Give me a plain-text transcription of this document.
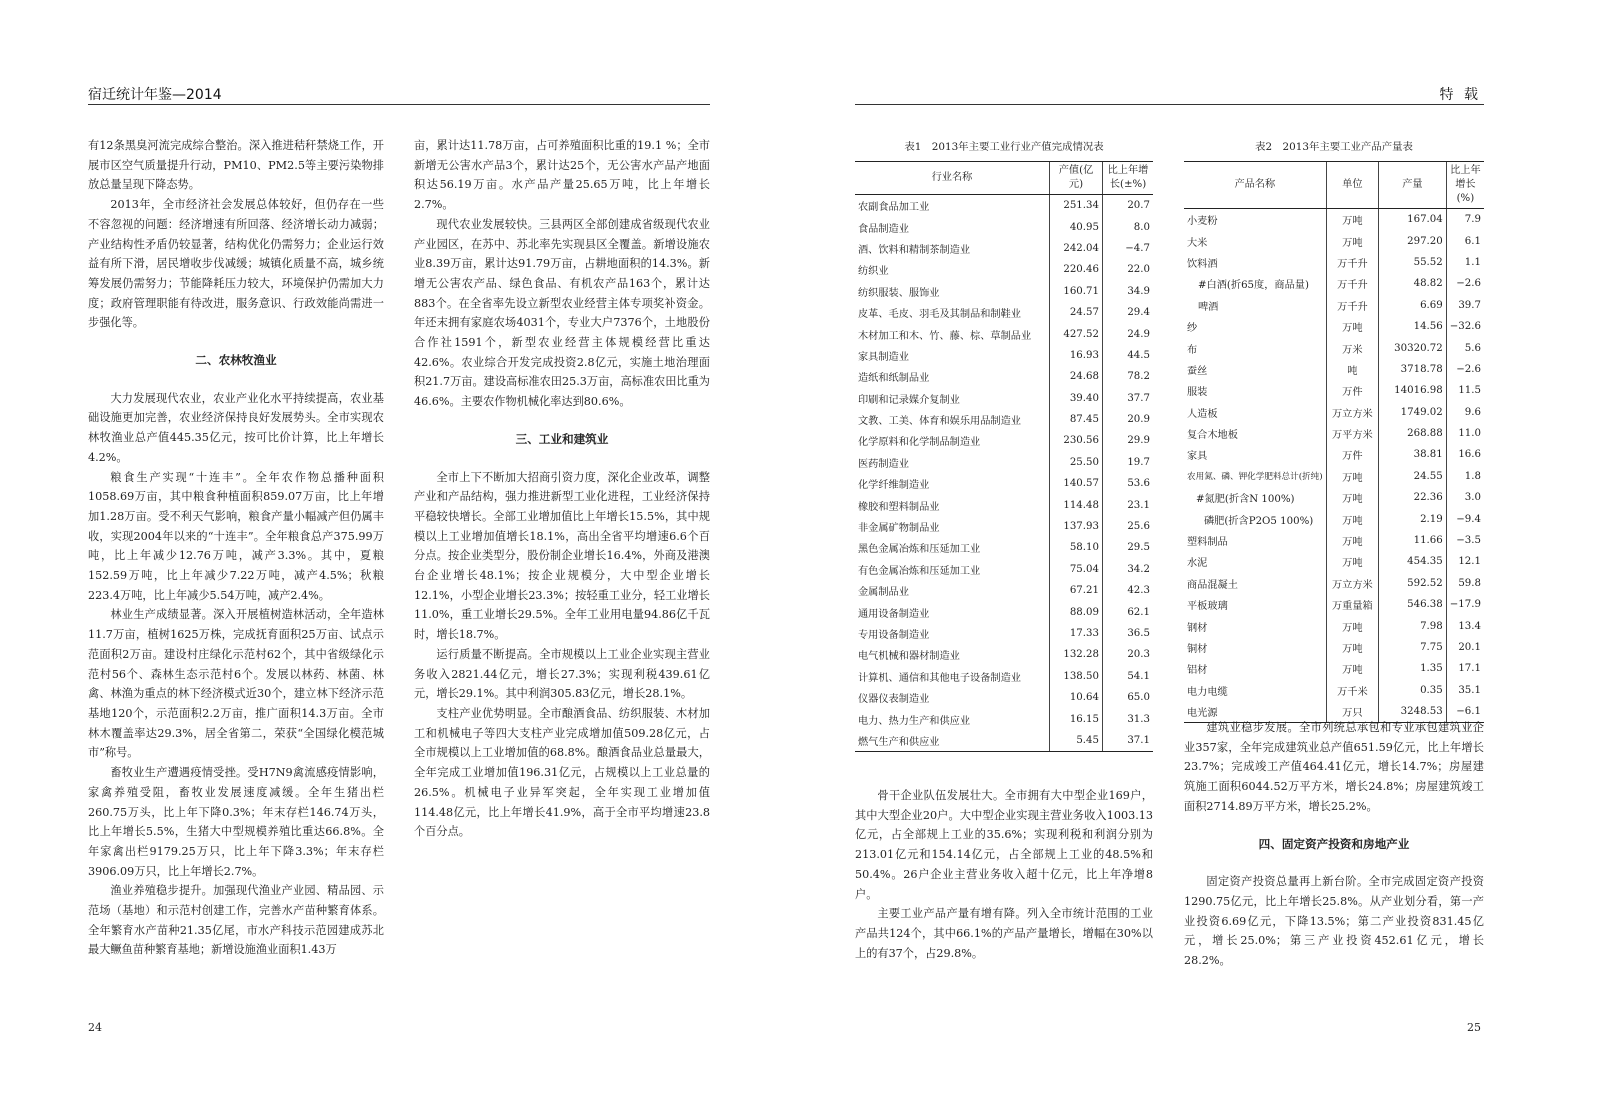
宿迁统计年鉴—2014

有12条黑臭河流完成综合整治。深入推进秸秆禁烧工作，开展市区空气质量提升行动，PM10、PM2.5等主要污染物排放总量呈现下降态势。

2013年，全市经济社会发展总体较好，但仍存在一些不容忽视的问题：经济增速有所回落、经济增长动力减弱；产业结构性矛盾仍较显著，结构优化仍需努力；企业运行效益有所下滑，居民增收步伐减缓；城镇化质量不高，城乡统筹发展仍需努力；节能降耗压力较大，环境保护仍需加大力度；政府管理职能有待改进，服务意识、行政效能尚需进一步强化等。

二、农林牧渔业

大力发展现代农业，农业产业化水平持续提高，农业基础设施更加完善，农业经济保持良好发展势头。全市实现农林牧渔业总产值445.35亿元，按可比价计算，比上年增长4.2%。

粮食生产实现“十连丰”。全年农作物总播种面积1058.69万亩，其中粮食种植面积859.07万亩，比上年增加1.28万亩。受不利天气影响，粮食产量小幅减产但仍属丰收，实现2004年以来的“十连丰”。全年粮食总产375.99万吨，比上年减少12.76万吨，减产3.3%。其中，夏粮152.59万吨，比上年减少7.22万吨，减产4.5%；秋粮223.4万吨，比上年减少5.54万吨，减产2.4%。

林业生产成绩显著。深入开展植树造林活动，全年造林11.7万亩，植树1625万株，完成抚育面积25万亩、试点示范面积2万亩。建设村庄绿化示范村62个，其中省级绿化示范村56个、森林生态示范村6个。发展以林药、林菌、林禽、林渔为重点的林下经济模式近30个，建立林下经济示范基地120个，示范面积2.2万亩，推广面积14.3万亩。全市林木覆盖率达29.3%，居全省第二，荣获“全国绿化模范城市”称号。

畜牧业生产遭遇疫情受挫。受H7N9禽流感疫情影响，家禽养殖受阻，畜牧业发展速度减缓。全年生猪出栏260.75万头，比上年下降0.3%；年末存栏146.74万头，比上年增长5.5%，生猪大中型规模养殖比重达66.8%。全年家禽出栏9179.25万只，比上年下降3.3%；年末存栏3906.09万只，比上年增长2.7%。

渔业养殖稳步提升。加强现代渔业产业园、精品园、示范场（基地）和示范村创建工作，完善水产苗种繁育体系。全年繁育水产苗种21.35亿尾，市水产科技示范园建成苏北最大鳜鱼苗种繁育基地；新增设施渔业面积1.43万

亩，累计达11.78万亩，占可养殖面积比重的19.1 %；全市新增无公害水产品3个，累计达25个，无公害水产品产地面积达56.19万亩。水产品产量25.65万吨，比上年增长2.7%。

现代农业发展较快。三县两区全部创建成省级现代农业产业园区，在苏中、苏北率先实现县区全覆盖。新增设施农业8.39万亩，累计达91.79万亩，占耕地面积的14.3%。新增无公害农产品、绿色食品、有机农产品163个，累计达883个。在全省率先设立新型农业经营主体专项奖补资金。年还末拥有家庭农场4031个，专业大户7376个，土地股份合作社1591个，新型农业经营主体规模经营比重达42.6%。农业综合开发完成投资2.8亿元，实施土地治理面积21.7万亩。建设高标准农田25.3万亩，高标准农田比重为46.6%。主要农作物机械化率达到80.6%。

三、工业和建筑业

全市上下不断加大招商引资力度，深化企业改革，调整产业和产品结构，强力推进新型工业化进程，工业经济保持平稳较快增长。全部工业增加值比上年增长15.5%，其中规模以上工业增加值增长18.1%，高出全省平均增速6.6个百分点。按企业类型分，股份制企业增长16.4%，外商及港澳台企业增长48.1%；按企业规模分，大中型企业增长12.1%，小型企业增长23.3%；按轻重工业分，轻工业增长11.0%，重工业增长29.5%。全年工业用电量94.86亿千瓦时，增长18.7%。

运行质量不断提高。全市规模以上工业企业实现主营业务收入2821.44亿元，增长27.3%；实现利税439.61亿元，增长29.1%。其中利润305.83亿元，增长28.1%。

支柱产业优势明显。全市酿酒食品、纺织服装、木材加工和机械电子等四大支柱产业完成增加值509.28亿元，占全市规模以上工业增加值的68.8%。酿酒食品业总量最大，全年完成工业增加值196.31亿元，占规模以上工业总量的26.5%。机械电子业异军突起，全年实现工业增加值114.48亿元，比上年增长41.9%，高于全市平均增速23.8个百分点。

24
特 载
表1　2013年主要工业行业产值完成情况表
行业名称	产值(亿元)	比上年增长(±%)
农副食品加工业	251.34	20.7
食品制造业	40.95	8.0
酒、饮料和精制茶制造业	242.04	−4.7
纺织业	220.46	22.0
纺织服装、服饰业	160.71	34.9
皮革、毛皮、羽毛及其制品和制鞋业	24.57	29.4
木材加工和木、竹、藤、棕、草制品业	427.52	24.9
家具制造业	16.93	44.5
造纸和纸制品业	24.68	78.2
印刷和记录媒介复制业	39.40	37.7
文教、工美、体育和娱乐用品制造业	87.45	20.9
化学原料和化学制品制造业	230.56	29.9
医药制造业	25.50	19.7
化学纤维制造业	140.57	53.6
橡胶和塑料制品业	114.48	23.1
非金属矿物制品业	137.93	25.6
黑色金属冶炼和压延加工业	58.10	29.5
有色金属冶炼和压延加工业	75.04	34.2
金属制品业	67.21	42.3
通用设备制造业	88.09	62.1
专用设备制造业	17.33	36.5
电气机械和器材制造业	132.28	20.3
计算机、通信和其他电子设备制造业	138.50	54.1
仪器仪表制造业	10.64	65.0
电力、热力生产和供应业	16.15	31.3
燃气生产和供应业	5.45	37.1
表2　2013年主要工业产品产量表
产品名称	单位	产量	比上年增长(%)
小麦粉	万吨	167.04	7.9
大米	万吨	297.20	6.1
饮料酒	万千升	55.52	1.1
#白酒(折65度，商品量)	万千升	48.82	−2.6
啤酒	万千升	6.69	39.7
纱	万吨	14.56	−32.6
布	万米	30320.72	5.6
蚕丝	吨	3718.78	−2.6
服装	万件	14016.98	11.5
人造板	万立方米	1749.02	9.6
复合木地板	万平方米	268.88	11.0
家具	万件	38.81	16.6
农用氮、磷、钾化学肥料总计(折纯)	万吨	24.55	1.8
#氮肥(折含N 100%)	万吨	22.36	3.0
磷肥(折含P2O5 100%)	万吨	2.19	−9.4
塑料制品	万吨	11.66	−3.5
水泥	万吨	454.35	12.1
商品混凝土	万立方米	592.52	59.8
平板玻璃	万重量箱	546.38	−17.9
钢材	万吨	7.98	13.4
铜材	万吨	7.75	20.1
铝材	万吨	1.35	17.1
电力电缆	万千米	0.35	35.1
电光源	万只	3248.53	−6.1

骨干企业队伍发展壮大。全市拥有大中型企业169户，其中大型企业20户。大中型企业实现主营业务收入1003.13亿元，占全部规上工业的35.6%；实现利税和利润分别为213.01亿元和154.14亿元，占全部规上工业的48.5%和50.4%。26户企业主营业务收入超十亿元，比上年净增8户。

主要工业产品产量有增有降。列入全市统计范围的工业产品共124个，其中66.1%的产品产量增长，增幅在30%以上的有37个，占29.8%。

建筑业稳步发展。全市列统总承包和专业承包建筑业企业357家，全年完成建筑业总产值651.59亿元，比上年增长23.7%；完成竣工产值464.41亿元，增长14.7%；房屋建筑施工面积6044.52万平方米，增长24.8%；房屋建筑竣工面积2714.89万平方米，增长25.2%。

四、固定资产投资和房地产业

固定资产投资总量再上新台阶。全市完成固定资产投资1290.75亿元，比上年增长25.8%。从产业划分看，第一产业投资6.69亿元，下降13.5%；第二产业投资831.45亿元，增长25.0%；第三产业投资452.61亿元，增长28.2%。

25
